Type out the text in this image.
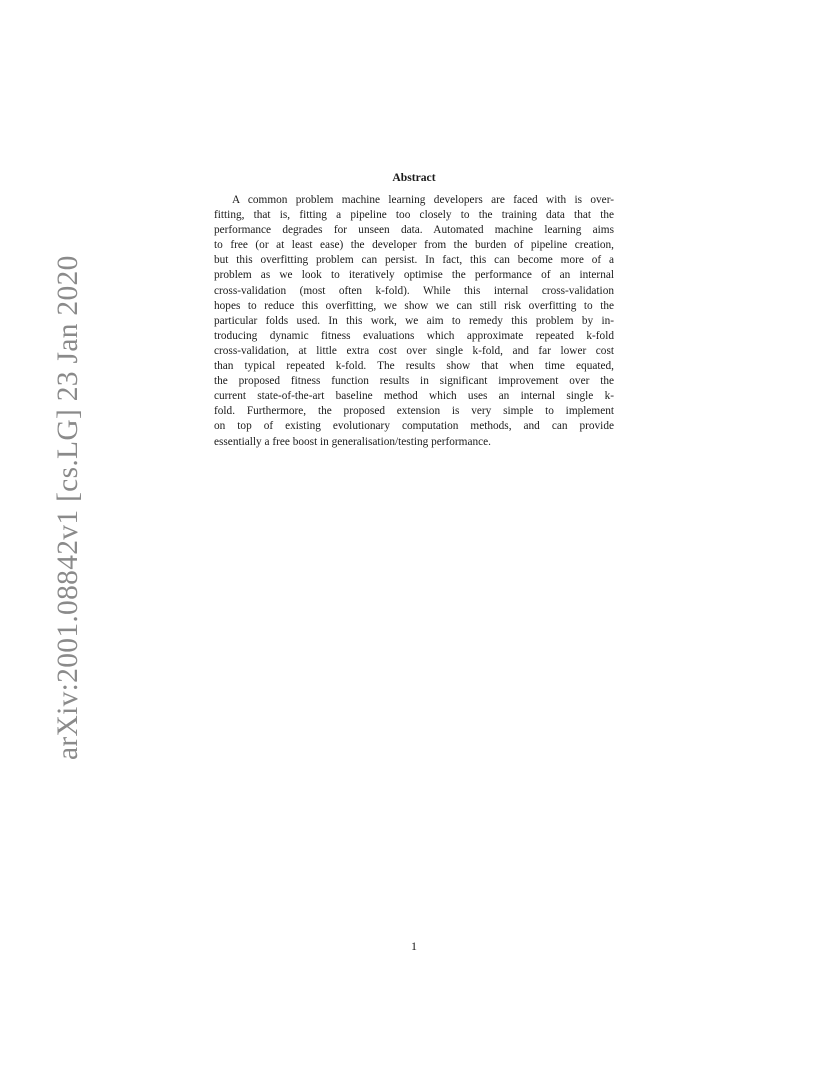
arXiv:2001.08842v1 [cs.LG] 23 Jan 2020
Abstract
A common problem machine learning developers are faced with is over-
fitting, that is, fitting a pipeline too closely to the training data that the
performance degrades for unseen data. Automated machine learning aims
to free (or at least ease) the developer from the burden of pipeline creation,
but this overfitting problem can persist. In fact, this can become more of a
problem as we look to iteratively optimise the performance of an internal
cross-validation (most often k-fold). While this internal cross-validation
hopes to reduce this overfitting, we show we can still risk overfitting to the
particular folds used. In this work, we aim to remedy this problem by in-
troducing dynamic fitness evaluations which approximate repeated k-fold
cross-validation, at little extra cost over single k-fold, and far lower cost
than typical repeated k-fold. The results show that when time equated,
the proposed fitness function results in significant improvement over the
current state-of-the-art baseline method which uses an internal single k-
fold. Furthermore, the proposed extension is very simple to implement
on top of existing evolutionary computation methods, and can provide
essentially a free boost in generalisation/testing performance.
1
